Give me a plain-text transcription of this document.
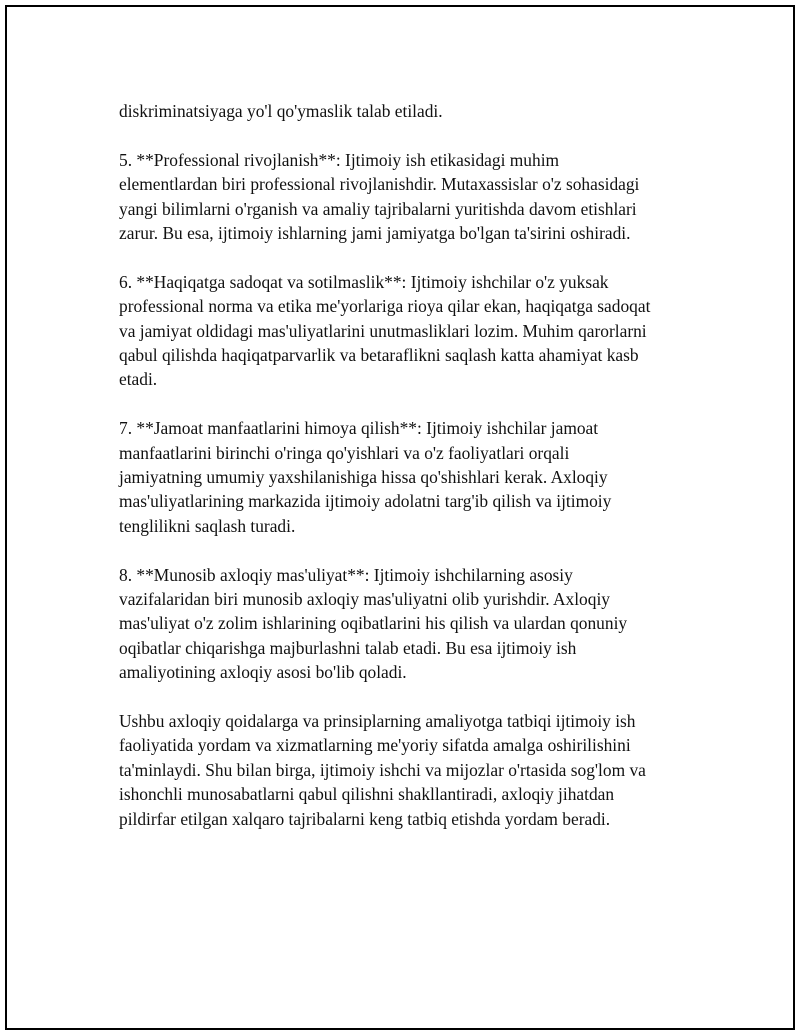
diskriminatsiyaga yo'l qo'ymaslik talab etiladi.

5. **Professional rivojlanish**: Ijtimoiy ish etikasidagi muhim
elementlardan biri professional rivojlanishdir. Mutaxassislar o'z sohasidagi
yangi bilimlarni o'rganish va amaliy tajribalarni yuritishda davom etishlari
zarur. Bu esa, ijtimoiy ishlarning jami jamiyatga bo'lgan ta'sirini oshiradi.

6. **Haqiqatga sadoqat va sotilmaslik**: Ijtimoiy ishchilar o'z yuksak
professional norma va etika me'yorlariga rioya qilar ekan, haqiqatga sadoqat
va jamiyat oldidagi mas'uliyatlarini unutmasliklari lozim. Muhim qarorlarni
qabul qilishda haqiqatparvarlik va betaraflikni saqlash katta ahamiyat kasb
etadi.

7. **Jamoat manfaatlarini himoya qilish**: Ijtimoiy ishchilar jamoat
manfaatlarini birinchi o'ringa qo'yishlari va o'z faoliyatlari orqali
jamiyatning umumiy yaxshilanishiga hissa qo'shishlari kerak. Axloqiy
mas'uliyatlarining markazida ijtimoiy adolatni targ'ib qilish va ijtimoiy
tenglilikni saqlash turadi.

8. **Munosib axloqiy mas'uliyat**: Ijtimoiy ishchilarning asosiy
vazifalaridan biri munosib axloqiy mas'uliyatni olib yurishdir. Axloqiy
mas'uliyat o'z zolim ishlarining oqibatlarini his qilish va ulardan qonuniy
oqibatlar chiqarishga majburlashni talab etadi. Bu esa ijtimoiy ish
amaliyotining axloqiy asosi bo'lib qoladi.

Ushbu axloqiy qoidalarga va prinsiplarning amaliyotga tatbiqi ijtimoiy ish
faoliyatida yordam va xizmatlarning me'yoriy sifatda amalga oshirilishini
ta'minlaydi. Shu bilan birga, ijtimoiy ishchi va mijozlar o'rtasida sog'lom va
ishonchli munosabatlarni qabul qilishni shakllantiradi, axloqiy jihatdan
pildirfar etilgan xalqaro tajribalarni keng tatbiq etishda yordam beradi.
